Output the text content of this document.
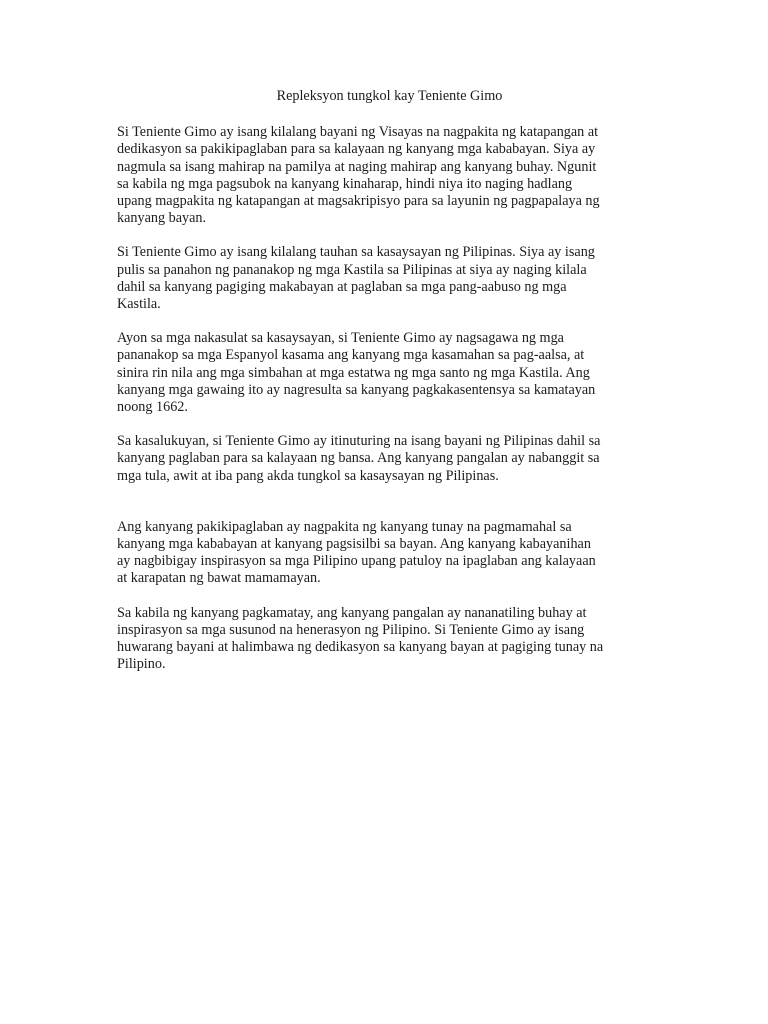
Repleksyon tungkol kay Teniente Gimo

Si Teniente Gimo ay isang kilalang bayani ng Visayas na nagpakita ng katapangan at
dedikasyon sa pakikipaglaban para sa kalayaan ng kanyang mga kababayan. Siya ay
nagmula sa isang mahirap na pamilya at naging mahirap ang kanyang buhay. Ngunit
sa kabila ng mga pagsubok na kanyang kinaharap, hindi niya ito naging hadlang
upang magpakita ng katapangan at magsakripisyo para sa layunin ng pagpapalaya ng
kanyang bayan.

Si Teniente Gimo ay isang kilalang tauhan sa kasaysayan ng Pilipinas. Siya ay isang
pulis sa panahon ng pananakop ng mga Kastila sa Pilipinas at siya ay naging kilala
dahil sa kanyang pagiging makabayan at paglaban sa mga pang-aabuso ng mga
Kastila.

Ayon sa mga nakasulat sa kasaysayan, si Teniente Gimo ay nagsagawa ng mga
pananakop sa mga Espanyol kasama ang kanyang mga kasamahan sa pag-aalsa, at
sinira rin nila ang mga simbahan at mga estatwa ng mga santo ng mga Kastila. Ang
kanyang mga gawaing ito ay nagresulta sa kanyang pagkakasentensya sa kamatayan
noong 1662.

Sa kasalukuyan, si Teniente Gimo ay itinuturing na isang bayani ng Pilipinas dahil sa
kanyang paglaban para sa kalayaan ng bansa. Ang kanyang pangalan ay nabanggit sa
mga tula, awit at iba pang akda tungkol sa kasaysayan ng Pilipinas.

Ang kanyang pakikipaglaban ay nagpakita ng kanyang tunay na pagmamahal sa
kanyang mga kababayan at kanyang pagsisilbi sa bayan. Ang kanyang kabayanihan
ay nagbibigay inspirasyon sa mga Pilipino upang patuloy na ipaglaban ang kalayaan
at karapatan ng bawat mamamayan.

Sa kabila ng kanyang pagkamatay, ang kanyang pangalan ay nananatiling buhay at
inspirasyon sa mga susunod na henerasyon ng Pilipino. Si Teniente Gimo ay isang
huwarang bayani at halimbawa ng dedikasyon sa kanyang bayan at pagiging tunay na
Pilipino.
